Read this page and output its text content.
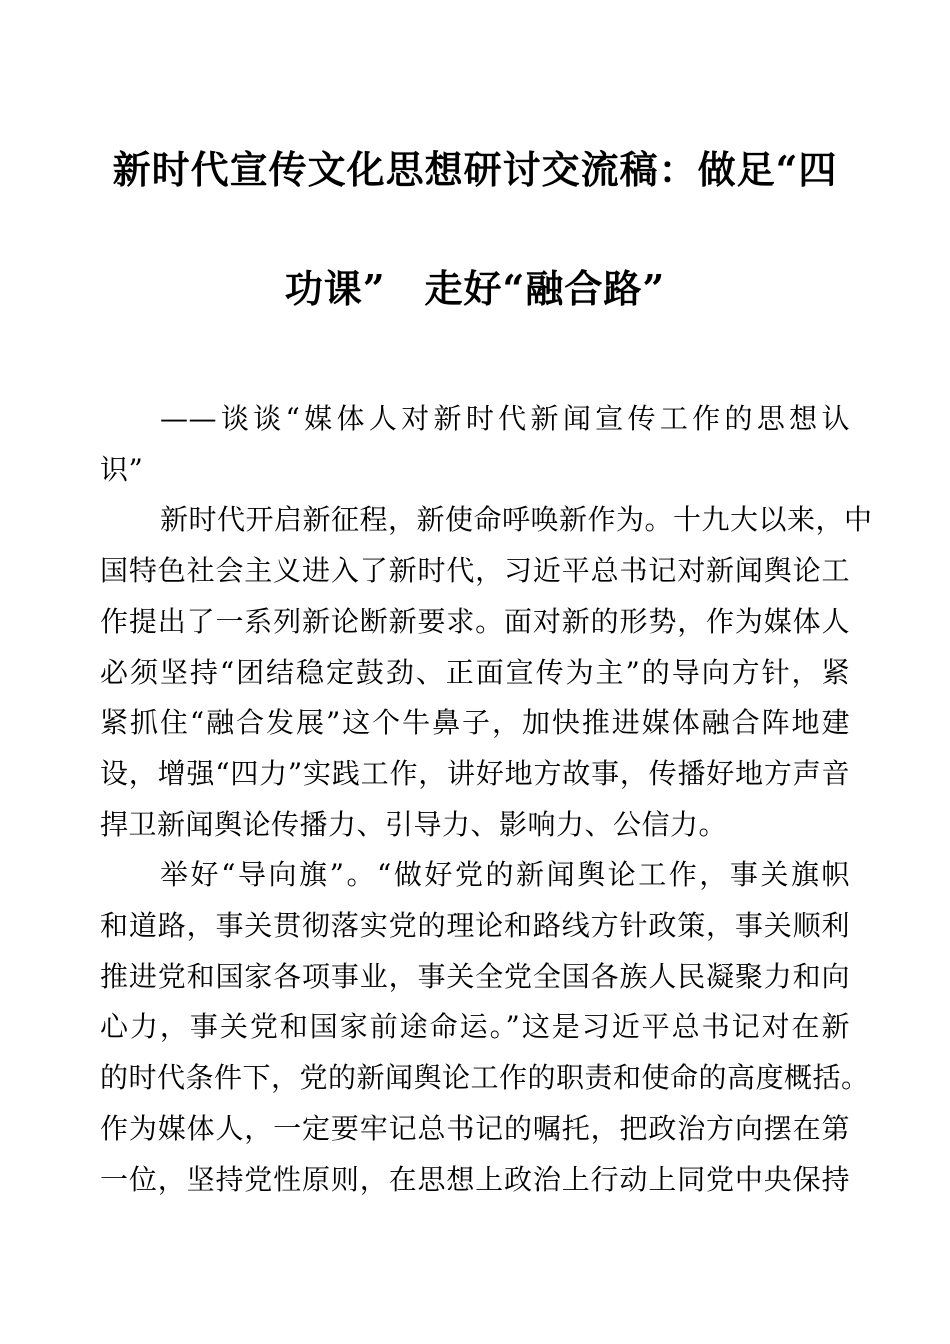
新时代宣传文化思想研讨交流稿：做足“四
功课”　走好“融合路”
——谈谈“媒体人对新时代新闻宣传工作的思想认
识”
新时代开启新征程，新使命呼唤新作为。十九大以来，中
国特色社会主义进入了新时代，习近平总书记对新闻舆论工
作提出了一系列新论断新要求。面对新的形势，作为媒体人
必须坚持“团结稳定鼓劲、正面宣传为主”的导向方针，紧
紧抓住“融合发展”这个牛鼻子，加快推进媒体融合阵地建
设，增强“四力”实践工作，讲好地方故事，传播好地方声音
捍卫新闻舆论传播力、引导力、影响力、公信力。
举好“导向旗”。“做好党的新闻舆论工作，事关旗帜
和道路，事关贯彻落实党的理论和路线方针政策，事关顺利
推进党和国家各项事业，事关全党全国各族人民凝聚力和向
心力，事关党和国家前途命运。”这是习近平总书记对在新
的时代条件下，党的新闻舆论工作的职责和使命的高度概括。
作为媒体人，一定要牢记总书记的嘱托，把政治方向摆在第
一位，坚持党性原则，在思想上政治上行动上同党中央保持
